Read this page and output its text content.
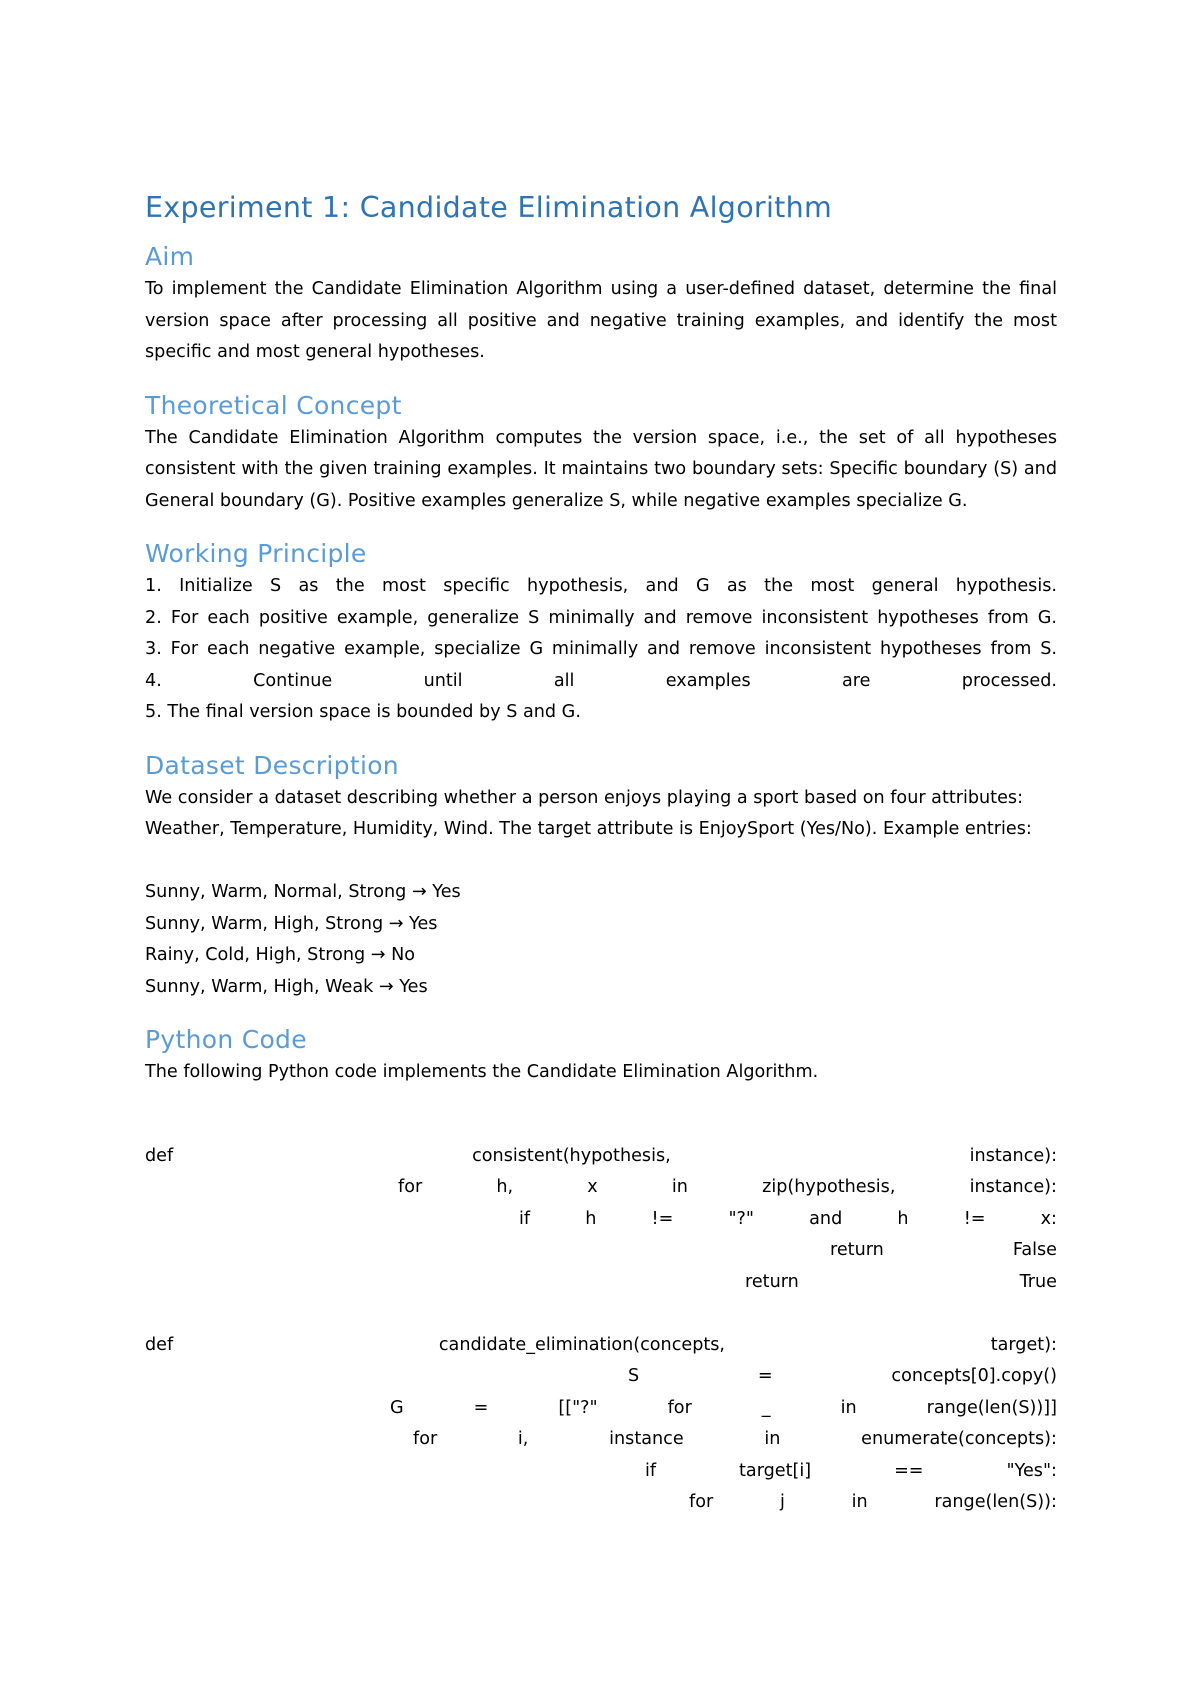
Experiment 1: Candidate Elimination Algorithm
Aim

To implement the Candidate Elimination Algorithm using a user-defined dataset, determine the final version space after processing all positive and negative training examples, and identify the most specific and most general hypotheses.

Theoretical Concept

The Candidate Elimination Algorithm computes the version space, i.e., the set of all hypotheses consistent with the given training examples. It maintains two boundary sets: Specific boundary (S) and General boundary (G). Positive examples generalize S, while negative examples specialize G.

Working Principle
1. Initialize S as the most specific hypothesis, and G as the most general hypothesis.
2. For each positive example, generalize S minimally and remove inconsistent hypotheses from G.
3. For each negative example, specialize G minimally and remove inconsistent hypotheses from S.
4. Continue until all examples are processed.
5. The final version space is bounded by S and G.
Dataset Description

We consider a dataset describing whether a person enjoys playing a sport based on four attributes: Weather, Temperature, Humidity, Wind. The target attribute is EnjoySport (Yes/No). Example entries:

Sunny, Warm, Normal, Strong → Yes
Sunny, Warm, High, Strong → Yes
Rainy, Cold, High, Strong → No
Sunny, Warm, High, Weak → Yes
Python Code

The following Python code implements the Candidate Elimination Algorithm.

def	consistent(hypothesis,	instance):
for	h,	x	in	zip(hypothesis,	instance):
if	h	!=	"?"	and	h	!=	x:
return	False
return	True
def	candidate_elimination(concepts,	target):
S	=	concepts[0].copy()
G	=	[["?"	for	_	in	range(len(S))]]
for	i,	instance	in	enumerate(concepts):
if	target[i]	==	"Yes":
for	j	in	range(len(S)):
